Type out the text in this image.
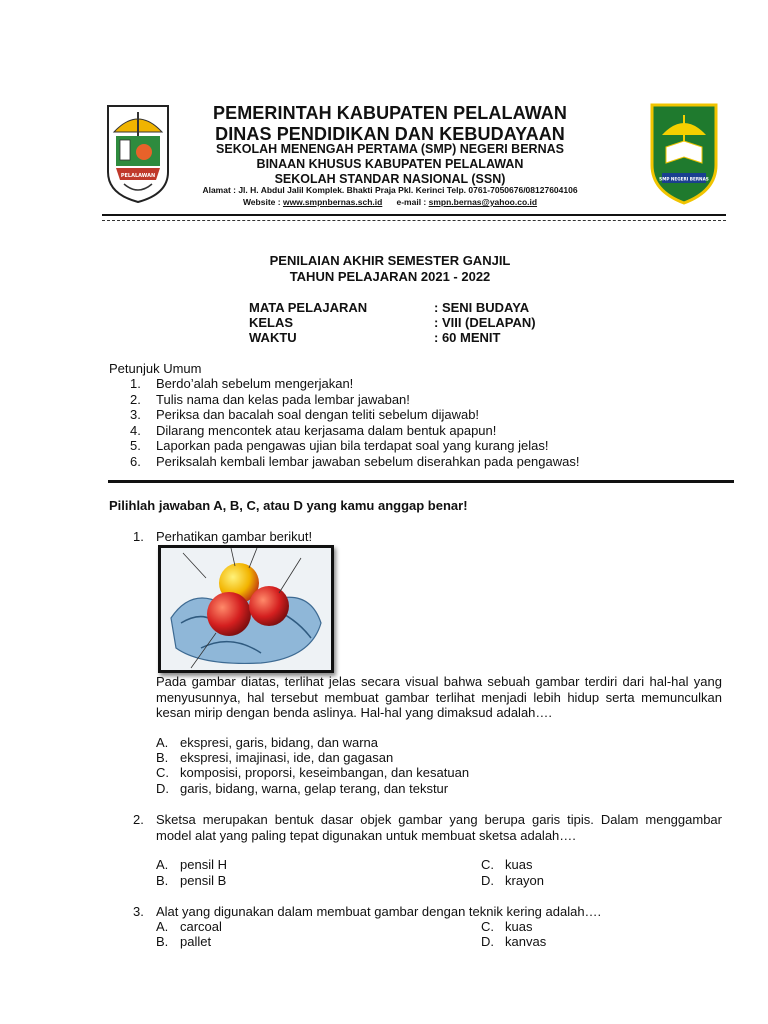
PELALAWAN	SMP NEGERI BERNAS
PEMERINTAH KABUPATEN PELALAWAN
DINAS PENDIDIKAN DAN KEBUDAYAAN
SEKOLAH MENENGAH PERTAMA (SMP) NEGERI BERNAS
BINAAN KHUSUS KABUPATEN PELALAWAN
SEKOLAH STANDAR NASIONAL (SSN)
Alamat : Jl. H. Abdul Jalil Komplek. Bhakti Praja Pkl. Kerinci Telp. 0761-7050676/08127604106
Website : www.smpnbernas.sch.id e-mail : smpn.bernas@yahoo.co.id
PENILAIAN AKHIR SEMESTER GANJIL
TAHUN PELAJARAN 2021 - 2022
MATA PELAJARAN	: SENI BUDAYA
KELAS	: VIII (DELAPAN)
WAKTU	: 60 MENIT
Petunjuk Umum
1. Berdo’alah sebelum mengerjakan!
2. Tulis nama dan kelas pada lembar jawaban!
3. Periksa dan bacalah soal dengan teliti sebelum dijawab!
4. Dilarang mencontek atau kerjasama dalam bentuk apapun!
5. Laporkan pada pengawas ujian bila terdapat soal yang kurang jelas!
6. Periksalah kembali lembar jawaban sebelum diserahkan pada pengawas!
Pilihlah jawaban A, B, C, atau D yang kamu anggap benar!
1. Perhatikan gambar berikut!
Pada gambar diatas, terlihat jelas secara visual bahwa sebuah gambar terdiri dari hal-hal yang menyusunnya, hal tersebut membuat gambar terlihat menjadi lebih hidup serta memunculkan kesan mirip dengan benda aslinya. Hal-hal yang dimaksud adalah….
A. ekspresi, garis, bidang, dan warna
B. ekspresi, imajinasi, ide, dan gagasan
C. komposisi, proporsi, keseimbangan, dan kesatuan
D. garis, bidang, warna, gelap terang, dan tekstur
2. Sketsa merupakan bentuk dasar objek gambar yang berupa garis tipis. Dalam menggambar model alat yang paling tepat digunakan untuk membuat sketsa adalah….
A. pensil H
B. pensil B
C. kuas
D. krayon
3. Alat yang digunakan dalam membuat gambar dengan teknik kering adalah….
A. carcoal
B. pallet
C. kuas
D. kanvas
